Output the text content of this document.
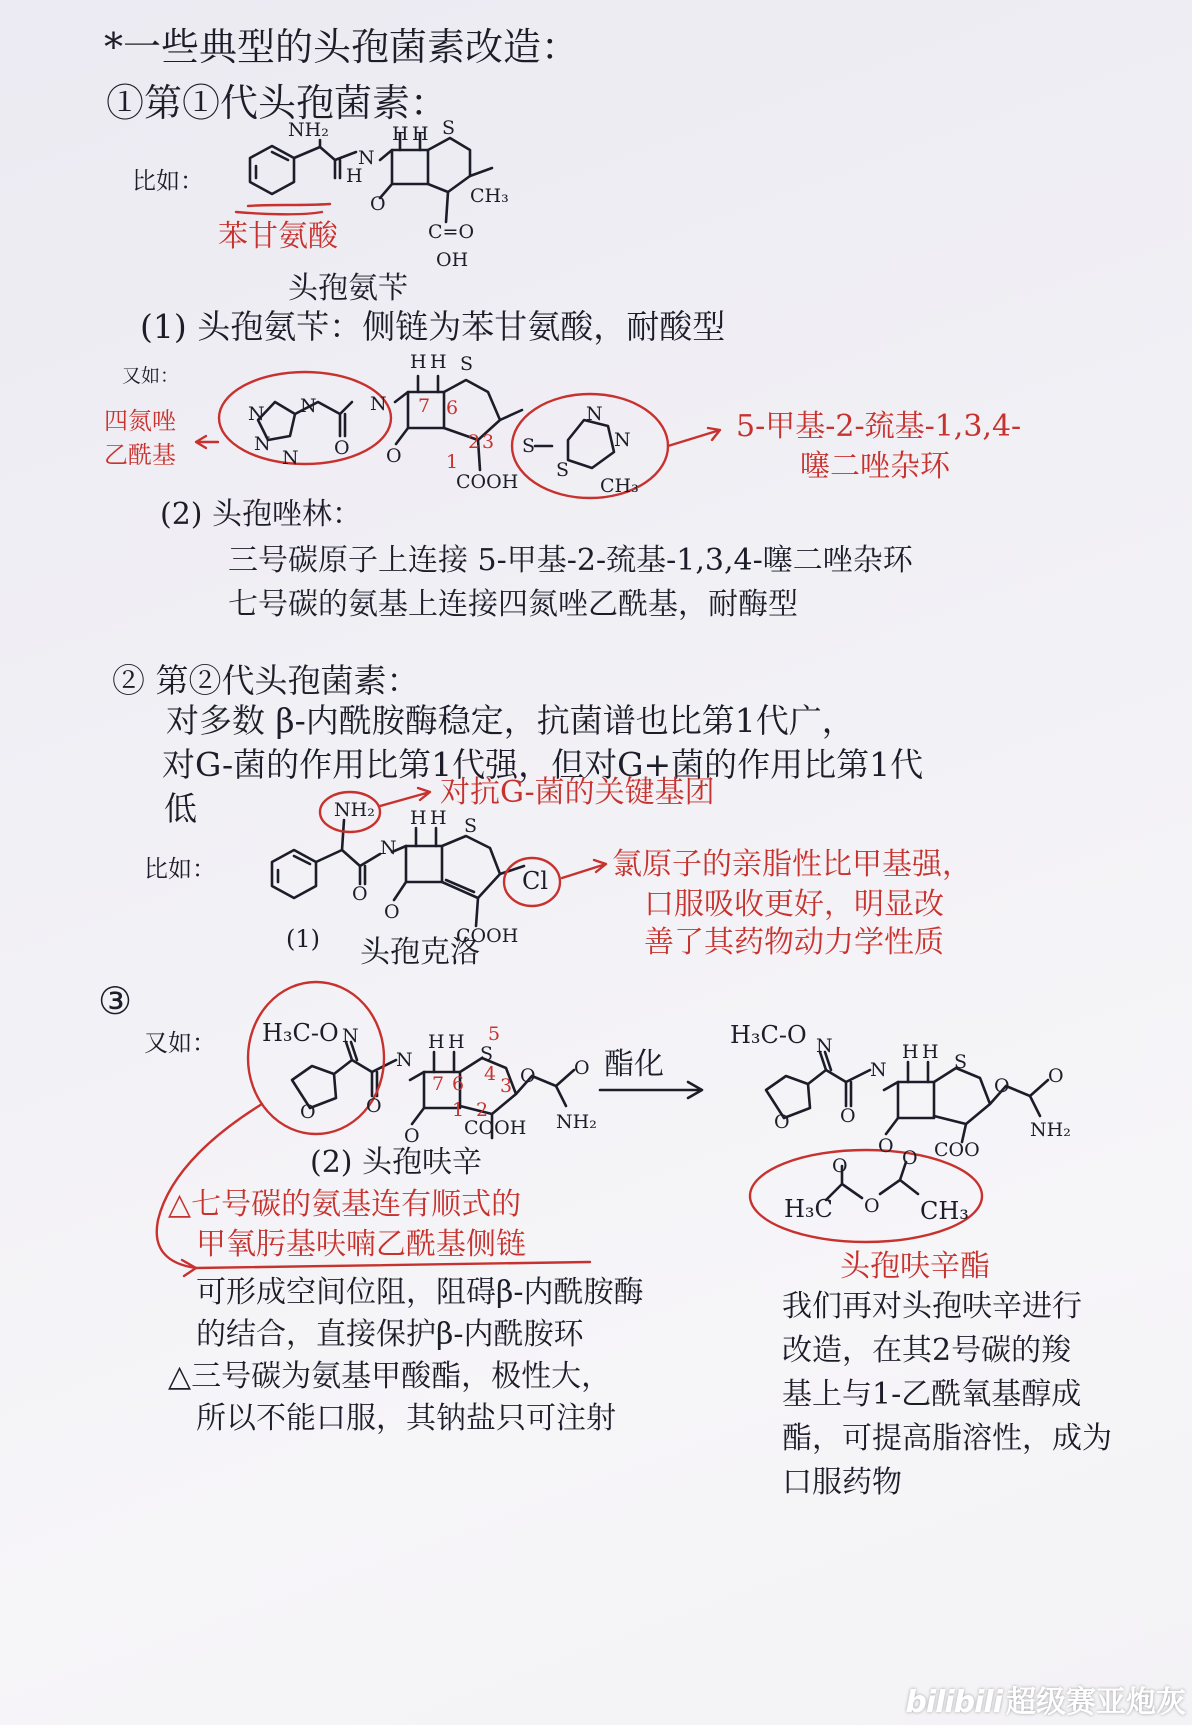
*一些典型的头孢菌素改造：
①第①代头孢菌素：
比如：
NH₂	H H S
N
H
O	CH₃
C=O
OH
苯甘氨酸
头孢氨苄
(1) 头孢氨苄：侧链为苯甘氨酸，耐酸型
又如：
四氮唑
乙酰基
N N
N
N O
H H S
N
O
COOH
S
S
N
N
CH₃
7 6
2 3
1
5-甲基-2-巯基-1,3,4-
噻二唑杂环
(2) 头孢唑林：
三号碳原子上连接 5-甲基-2-巯基-1,3,4-噻二唑杂环
七号碳的氨基上连接四氮唑乙酰基，耐酶型
② 第②代头孢菌素：
对多数 β-内酰胺酶稳定，抗菌谱也比第1代广，
对G-菌的作用比第1代强，但对G+菌的作用比第1代
低	对抗G-菌的关键基团
比如：
NH₂
N
H H S
O
O
Cl
COOH
氯原子的亲脂性比甲基强，
口服吸收更好，明显改
善了其药物动力学性质
(1) 头孢克洛
③
又如： H₃C-O N
O	O
N
H H
S
O COOH
O O
NH₂
5
7 6 4
3
1 2
酯化
(2) 头孢呋辛
△七号碳的氨基连有顺式的
甲氧肟基呋喃乙酰基侧链
可形成空间位阻，阻碍β-内酰胺酶
的结合，直接保护β-内酰胺环
△三号碳为氨基甲酸酯，极性大，
所以不能口服，其钠盐只可注射
H₃C-O N
O	O
N
H H S
O
O O
NH₂
COO
H₃C
O
O
O
CH₃
头孢呋辛酯
我们再对头孢呋辛进行
改造，在其2号碳的羧
基上与1-乙酰氧基醇成
酯，可提高脂溶性，成为
口服药物
bilibili 超级赛亚炮灰
